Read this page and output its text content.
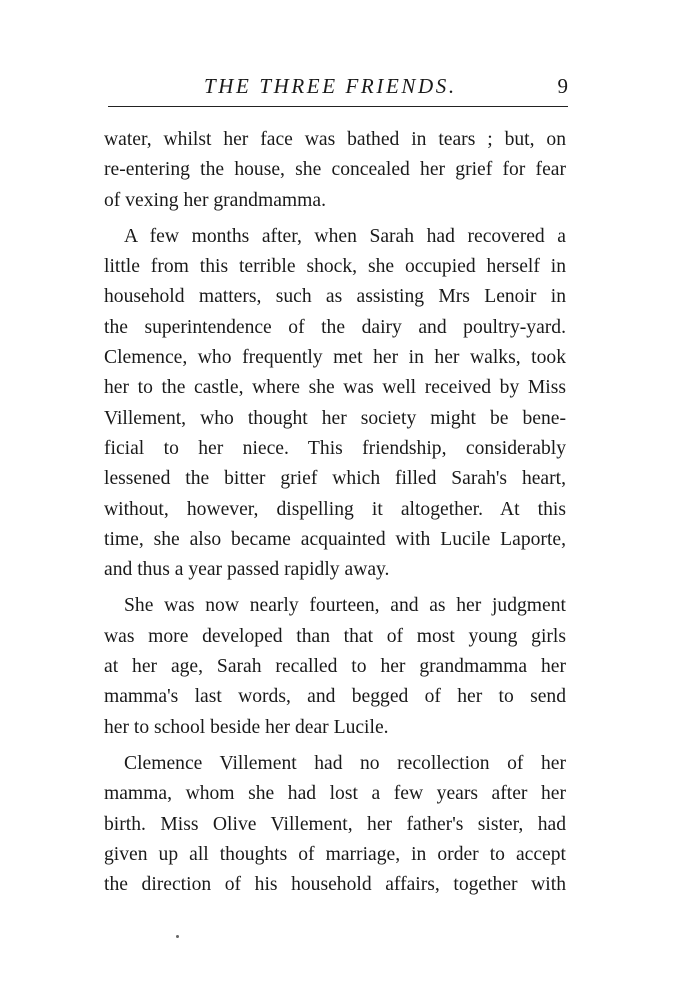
THE THREE FRIENDS.	9
water, whilst her face was bathed in tears ; but, on
re-entering the house, she concealed her grief for fear
of vexing her grandmamma.
A few months after, when Sarah had recovered a
little from this terrible shock, she occupied herself in
household matters, such as assisting Mrs Lenoir in
the superintendence of the dairy and poultry-yard.
Clemence, who frequently met her in her walks, took
her to the castle, where she was well received by Miss
Villement, who thought her society might be bene-
ficial to her niece. This friendship, considerably
lessened the bitter grief which filled Sarah's heart,
without, however, dispelling it altogether. At this
time, she also became acquainted with Lucile Laporte,
and thus a year passed rapidly away.
She was now nearly fourteen, and as her judgment
was more developed than that of most young girls
at her age, Sarah recalled to her grandmamma her
mamma's last words, and begged of her to send
her to school beside her dear Lucile.
Clemence Villement had no recollection of her
mamma, whom she had lost a few years after her
birth. Miss Olive Villement, her father's sister, had
given up all thoughts of marriage, in order to accept
the direction of his household affairs, together with
